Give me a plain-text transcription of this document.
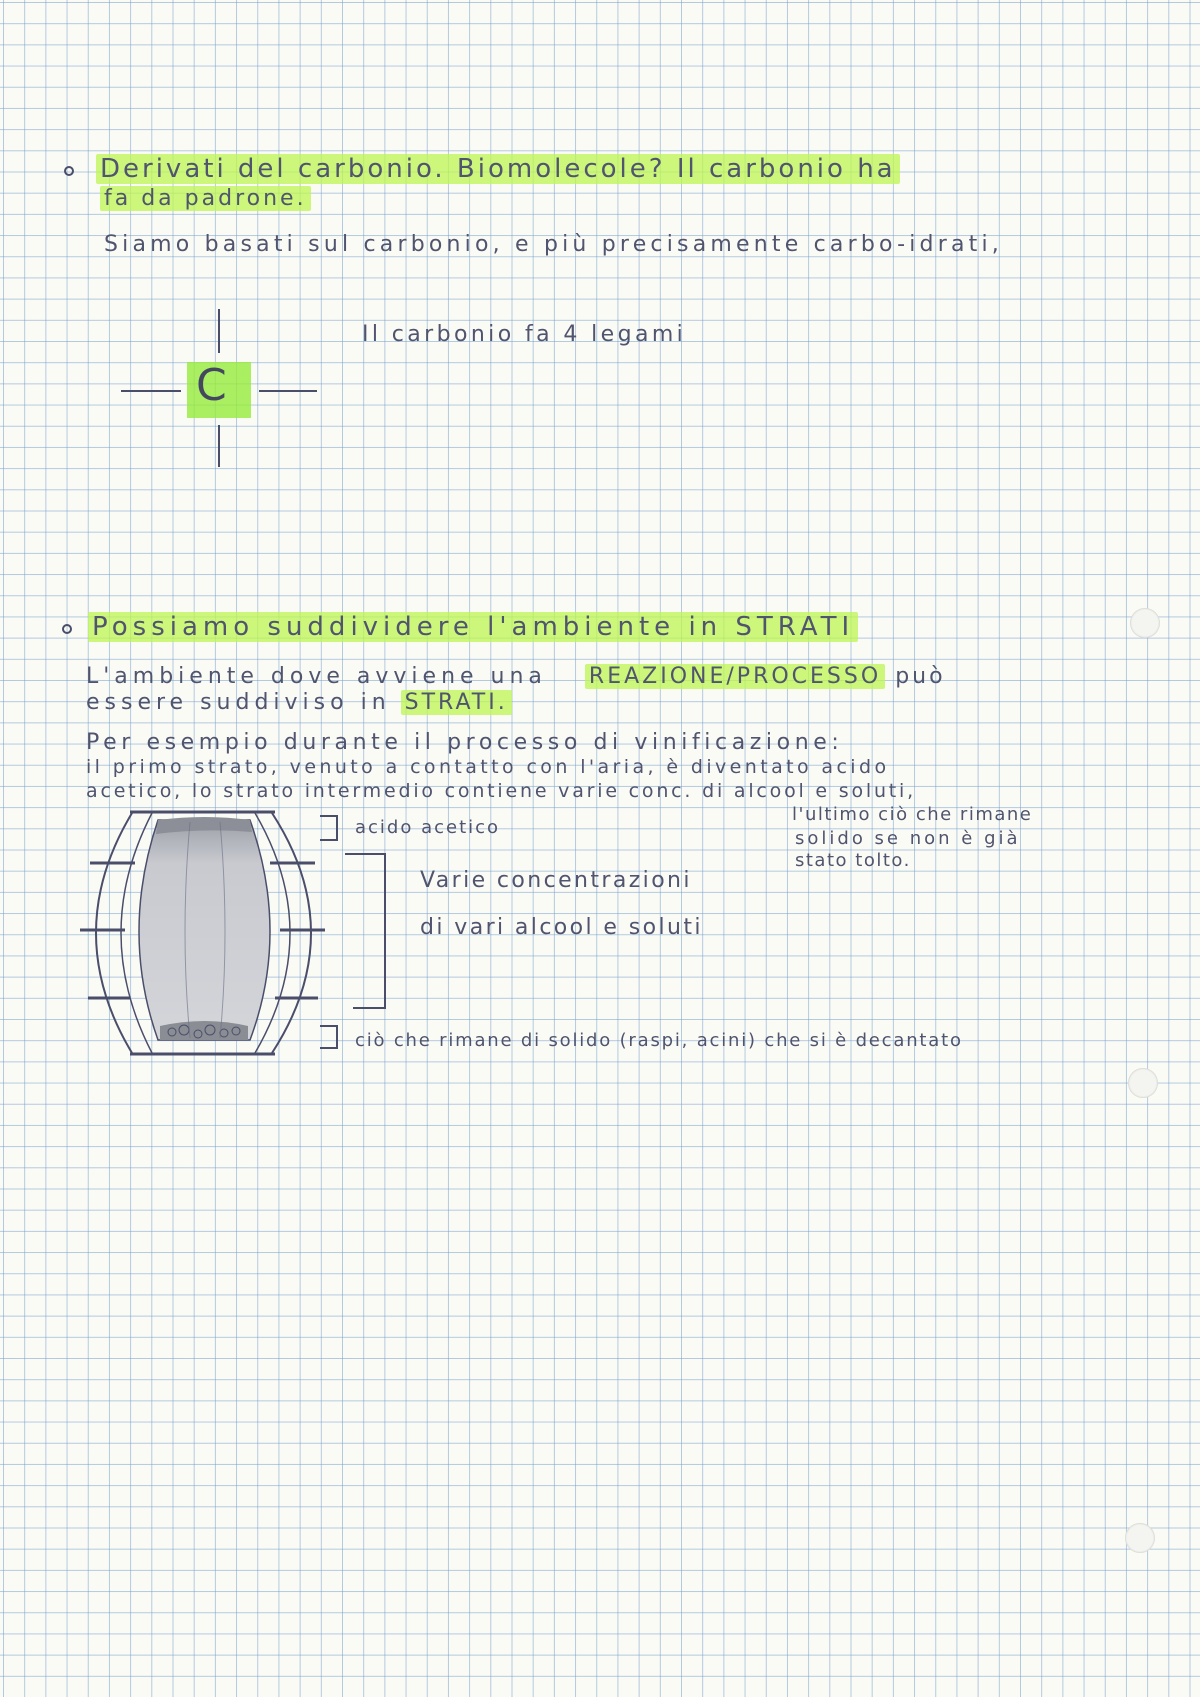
Derivati del carbonio. Biomolecole? Il carbonio ha
fa da padrone.
Siamo basati sul carbonio, e più precisamente carbo-idrati,
C
Il carbonio fa 4 legami
Possiamo suddividere l'ambiente in STRATI
L'ambiente dove avviene una REAZIONE/PROCESSO può
essere suddiviso in STRATI.
Per esempio durante il processo di vinificazione:
il primo strato, venuto a contatto con l'aria, è diventato acido
acetico, lo strato intermedio contiene varie conc. di alcool e soluti,
l'ultimo ciò che rimane
solido se non è già
stato tolto.
acido acetico
Varie concentrazioni
di vari alcool e soluti
ciò che rimane di solido (raspi, acini) che si è decantato
